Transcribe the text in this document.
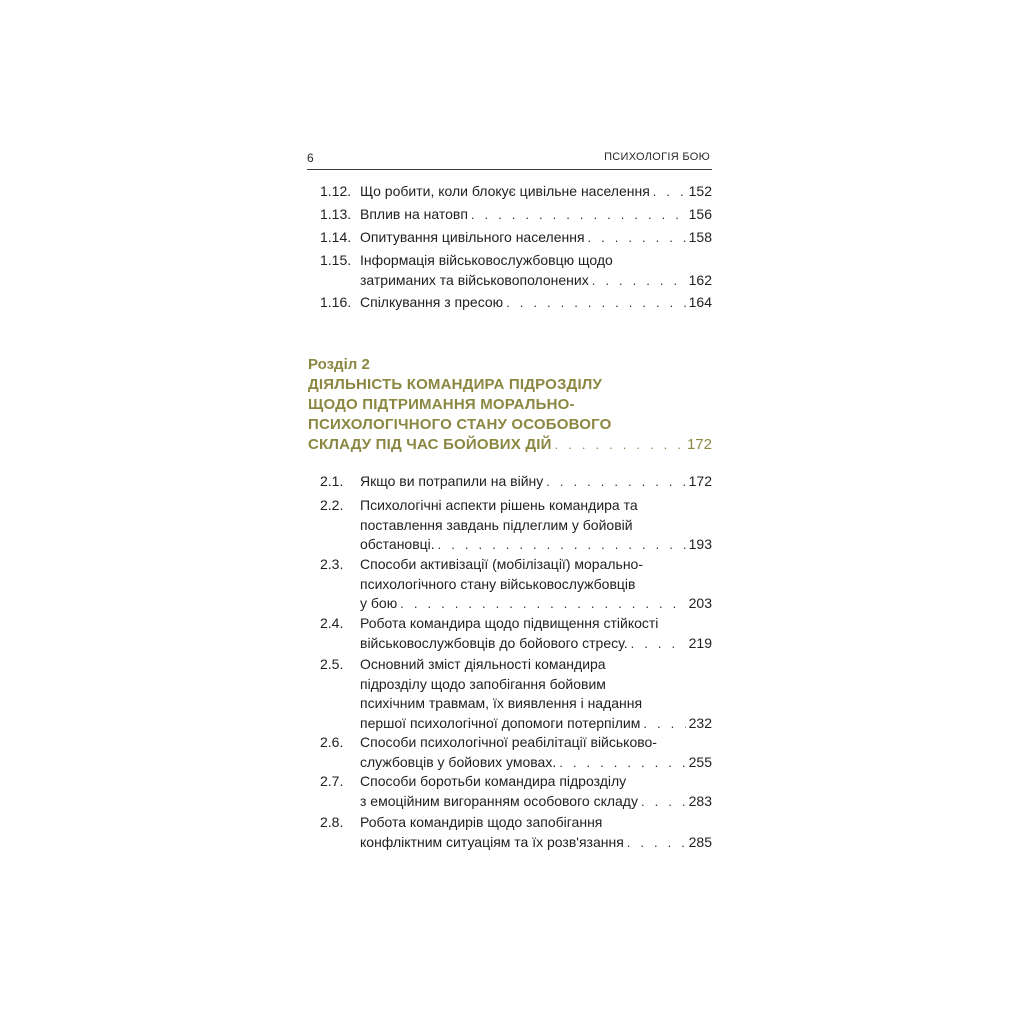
6	ПСИХОЛОГІЯ БОЮ
1.12. Що робити, коли блокує цивільне населення . . .	152
1.13. Вплив на натовп . . .	156
1.14. Опитування цивільного населення . . .	158
1.15. Інформація військовослужбовцю щодо
затриманих та військовополонених . . .	162
1.16. Спілкування з пресою . . .	164
Розділ 2
ДІЯЛЬНІСТЬ КОМАНДИРА ПІДРОЗДІЛУ
ЩОДО ПІДТРИМАННЯ МОРАЛЬНО-
ПСИХОЛОГІЧНОГО СТАНУ ОСОБОВОГО
СКЛАДУ ПІД ЧАС БОЙОВИХ ДІЙ . . .	172
2.1.	Якщо ви потрапили на війну . . .	172
2.2.	Психологічні аспекти рішень командира та
поставлення завдань підлеглим у бойовій
обстановці. . . .	193
2.3.	Способи активізації (мобілізації) морально-
психологічного стану військовослужбовців
у бою . . .	203
2.4.	Робота командира щодо підвищення стійкості
військовослужбовців до бойового стресу. . . .	219
2.5.	Основний зміст діяльності командира
підрозділу щодо запобігання бойовим
психічним травмам, їх виявлення і надання
першої психологічної допомоги потерпілим . . .	232
2.6.	Способи психологічної реабілітації військово-
службовців у бойових умовах. . . .	255
2.7.	Способи боротьби командира підрозділу
з емоційним вигоранням особового складу . . .	283
2.8.	Робота командирів щодо запобігання
конфліктним ситуаціям та їх розв'язання . . .	285
